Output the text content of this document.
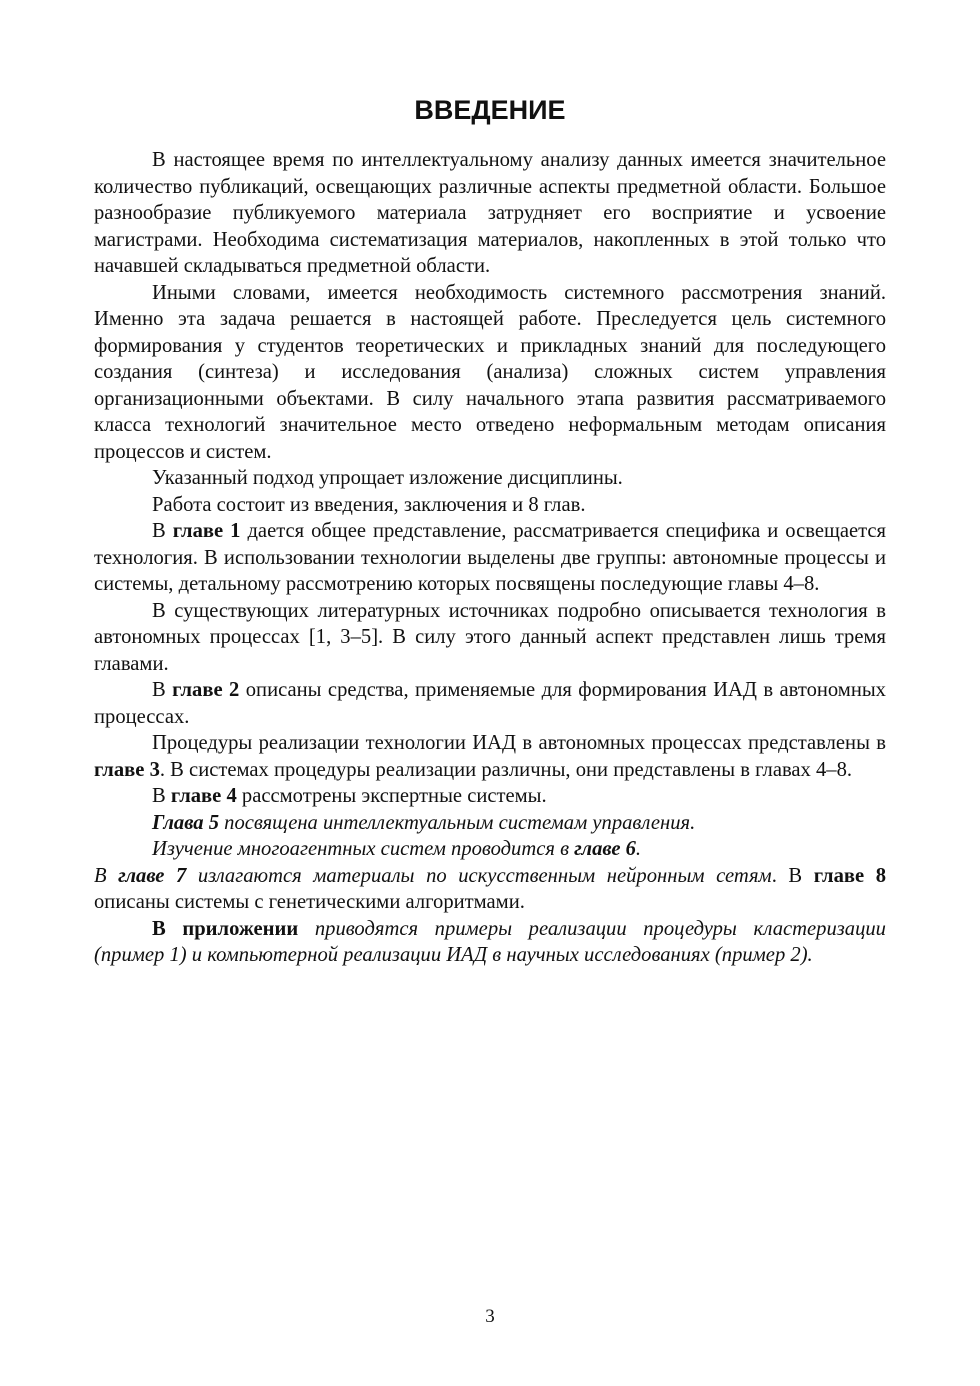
ВВЕДЕНИЕ

В настоящее время по интеллектуальному анализу данных имеется значительное количество публикаций, освещающих различные аспекты предметной области. Большое разнообразие публикуемого материала затрудняет его восприятие и усвоение магистрами. Необходима систематизация материалов, накопленных в этой только что начавшей складываться предметной области.

Иными словами, имеется необходимость системного рассмотрения знаний. Именно эта задача решается в настоящей работе. Преследуется цель системного формирования у студентов теоретических и прикладных знаний для последующего создания (синтеза) и исследования (анализа) сложных систем управления организационными объектами. В силу начального этапа развития рассматриваемого класса технологий значительное место отведено неформальным методам описания процессов и систем.

Указанный подход упрощает изложение дисциплины.

Работа состоит из введения, заключения и 8 глав.

В главе 1 дается общее представление, рассматривается специфика и освещается технология. В использовании технологии выделены две группы: автономные процессы и системы, детальному рассмотрению которых посвящены последующие главы 4–8.

В существующих литературных источниках подробно описывается технология в автономных процессах [1, 3–5]. В силу этого данный аспект представлен лишь тремя главами.

В главе 2 описаны средства, применяемые для формирования ИАД в автономных процессах.

Процедуры реализации технологии ИАД в автономных процессах представлены в главе 3. В системах процедуры реализации различны, они представлены в главах 4–8.

В главе 4 рассмотрены экспертные системы.

Глава 5 посвящена интеллектуальным системам управления.

Изучение многоагентных систем проводится в главе 6.

В главе 7 излагаются материалы по искусственным нейронным сетям. В главе 8 описаны системы с генетическими алгоритмами.

В приложении приводятся примеры реализации процедуры кластеризации (пример 1) и компьютерной реализации ИАД в научных исследованиях (пример 2).

3
